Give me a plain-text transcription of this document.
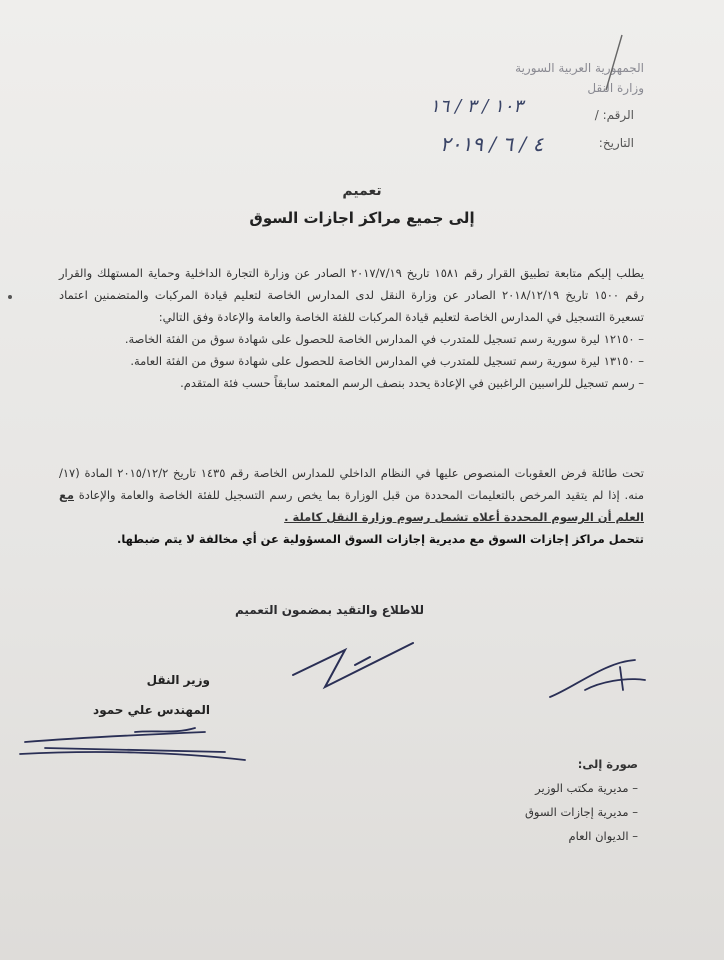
الجمهورية العربية السورية
وزارة النقل
الرقم: /
١٠٣ / ٣ / ١٦
التاريخ:
٤ / ٦ / ٢٠١٩
تعميم
إلى جميع مراكز اجازات السوق

يطلب إليكم متابعة تطبيق القرار رقم ١٥٨١ تاريخ ٢٠١٧/٧/١٩ الصادر عن وزارة التجارة الداخلية وحماية المستهلك والقرار رقم ١٥٠٠ تاريخ ٢٠١٨/١٢/١٩ الصادر عن وزارة النقل لدى المدارس الخاصة لتعليم قيادة المركبات والمتضمنين اعتماد تسعيرة التسجيل في المدارس الخاصة لتعليم قيادة المركبات للفئة الخاصة والعامة والإعادة وفق التالي:

– ١٢١٥٠ ليرة سورية رسم تسجيل للمتدرب في المدارس الخاصة للحصول على شهادة سوق من الفئة الخاصة.

– ١٣١٥٠ ليرة سورية رسم تسجيل للمتدرب في المدارس الخاصة للحصول على شهادة سوق من الفئة العامة.

– رسم تسجيل للراسبين الراغبين في الإعادة يحدد بنصف الرسم المعتمد سابقاً حسب فئة المتقدم.

تحت طائلة فرض العقوبات المنصوص عليها في النظام الداخلي للمدارس الخاصة رقم ١٤٣٥ تاريخ ٢٠١٥/١٢/٢ المادة (١٧/ منه. إذا لم يتقيد المرخص بالتعليمات المحددة من قبل الوزارة بما يخص رسم التسجيل للفئة الخاصة والعامة والإعادة مع العلم أن الرسوم المحددة أعلاه تشمل رسوم وزارة النقل كاملة .

تتحمل مراكز إجازات السوق مع مديرية إجازات السوق المسؤولية عن أي مخالفة لا يتم ضبطها.

للاطلاع والتقيد بمضمون التعميم
وزير النقل
المهندس علي حمود
صورة إلى:
– مديرية مكتب الوزير
– مديرية إجازات السوق
– الديوان العام
